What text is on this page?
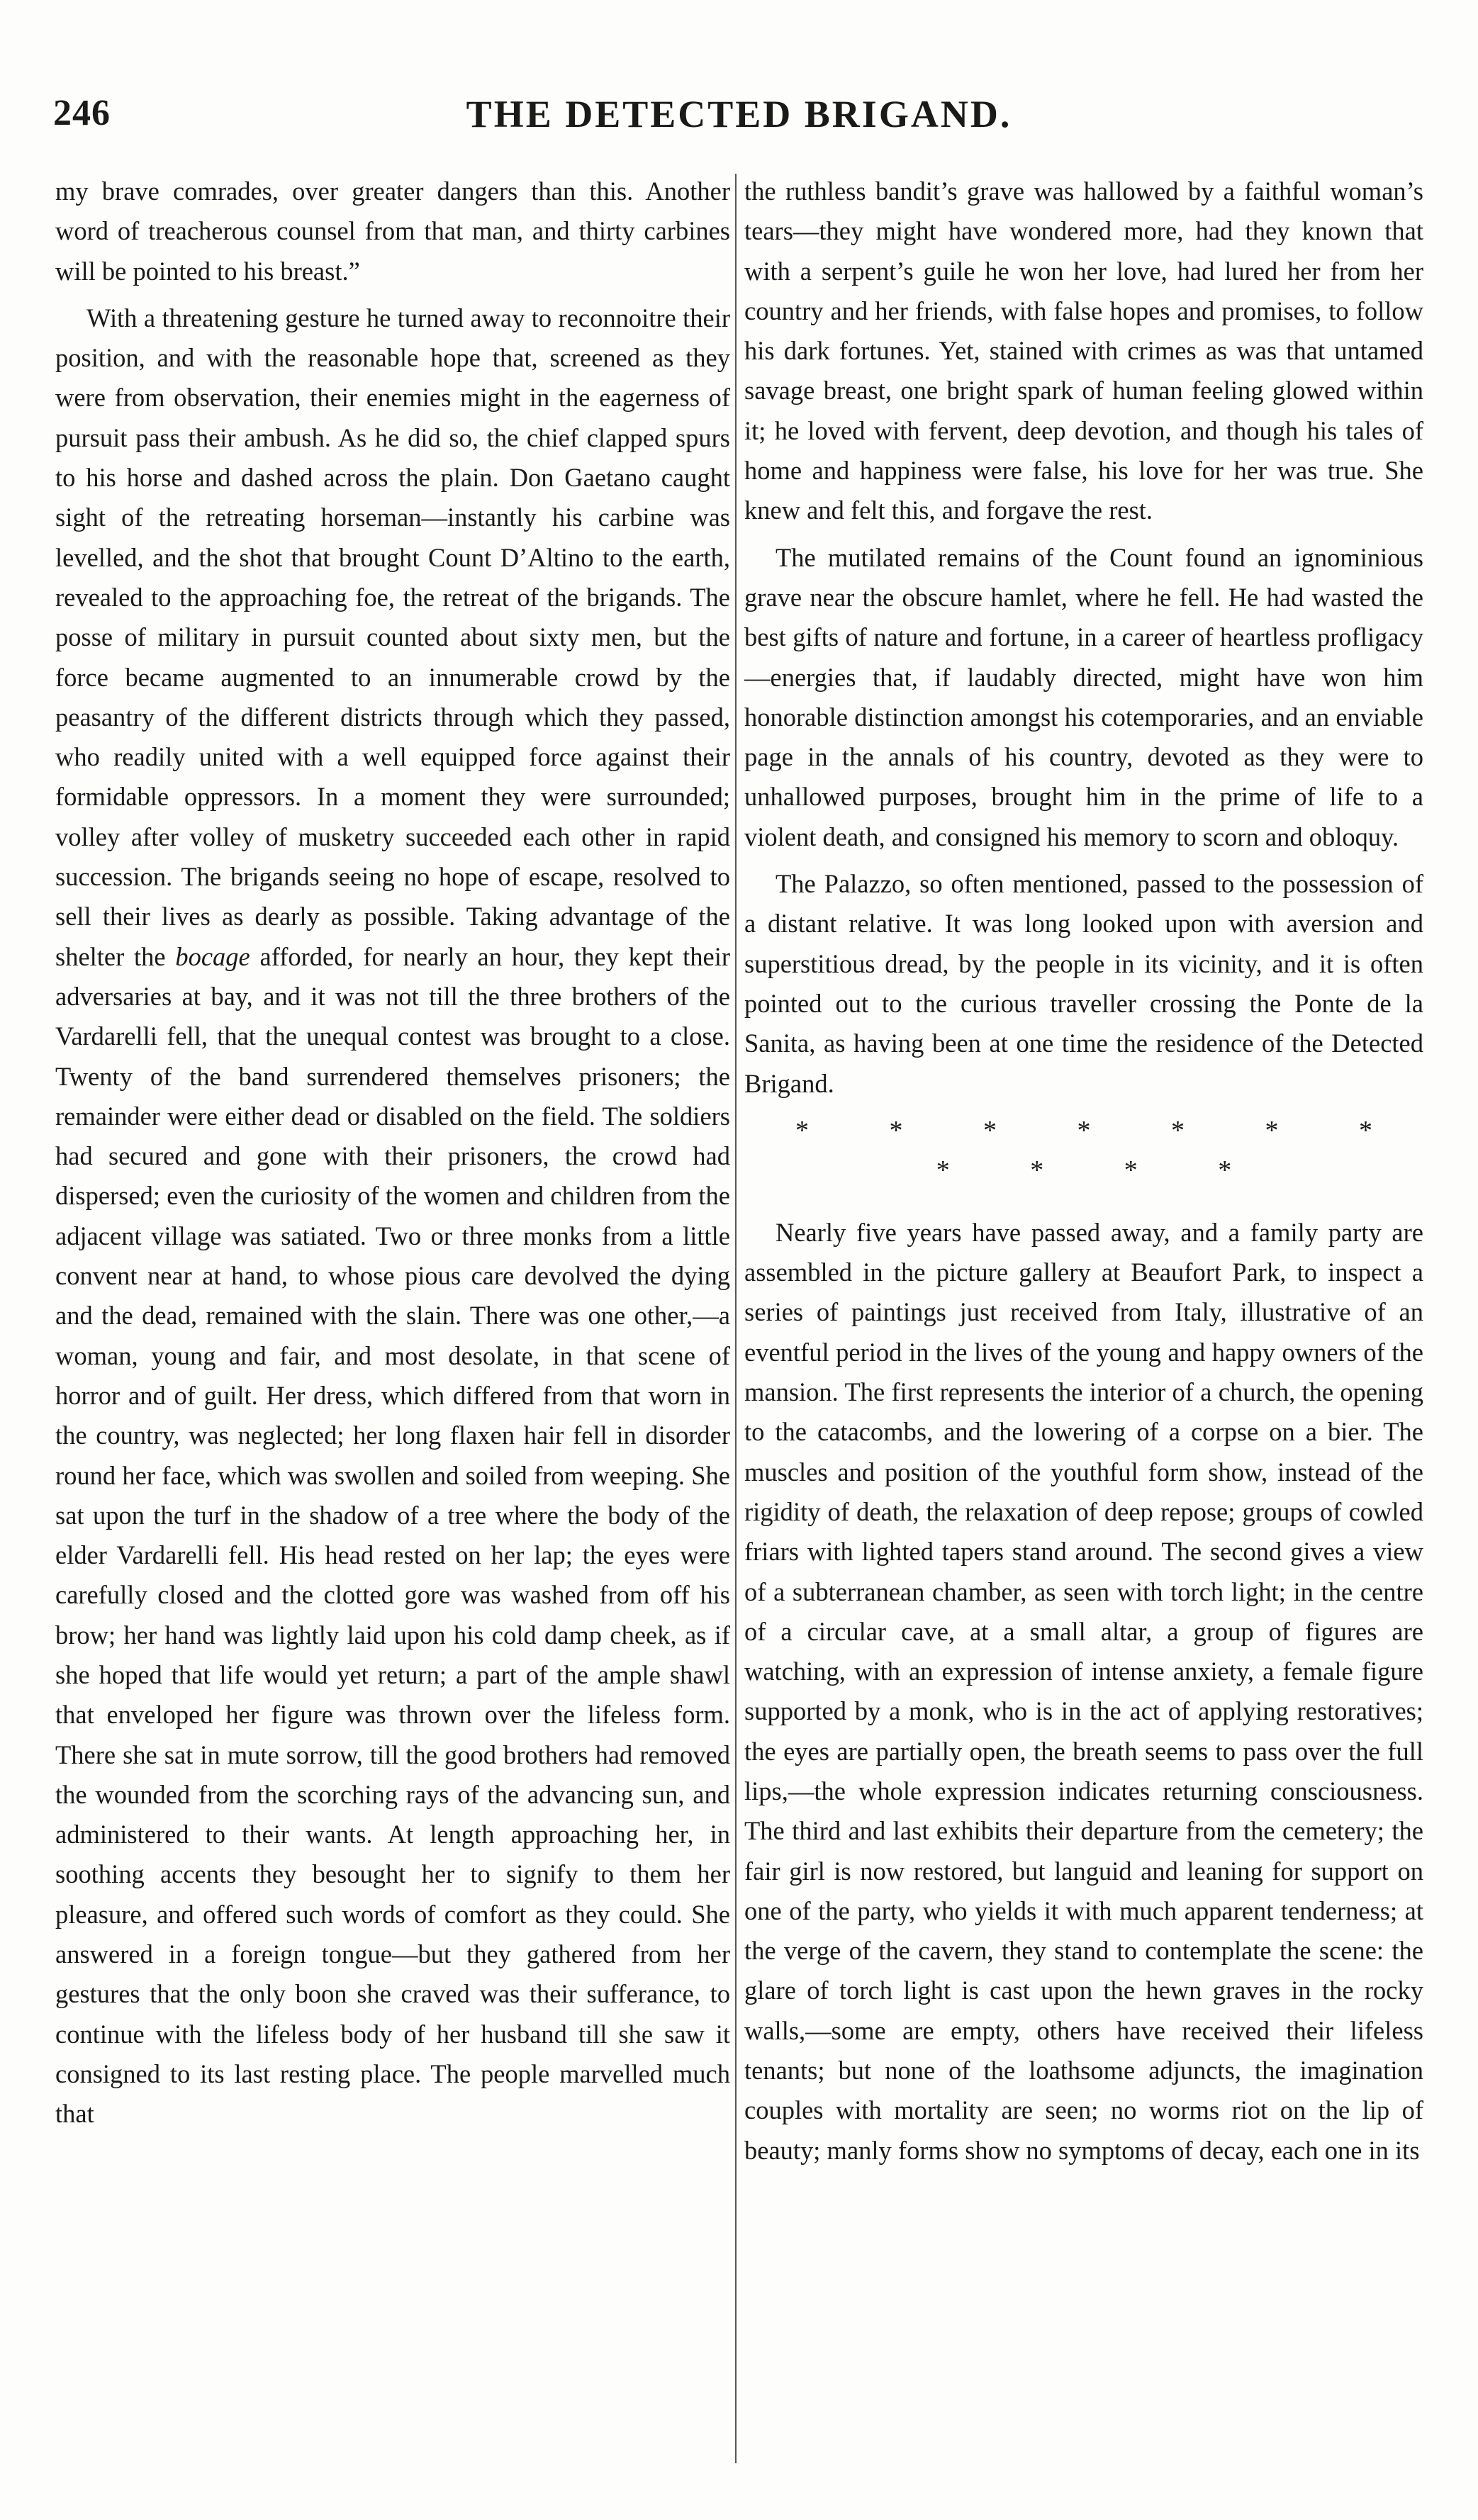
246	THE DETECTED BRIGAND.

my brave comrades, over greater dangers than this. Another word of treacherous counsel from that man, and thirty carbines will be pointed to his breast.”

With a threatening gesture he turned away to reconnoitre their position, and with the reasonable hope that, screened as they were from observation, their enemies might in the eagerness of pursuit pass their ambush. As he did so, the chief clapped spurs to his horse and dashed across the plain. Don Gaetano caught sight of the retreating horseman—instantly his carbine was levelled, and the shot that brought Count D’Altino to the earth, revealed to the approaching foe, the retreat of the brigands. The posse of military in pursuit counted about sixty men, but the force became augmented to an innumerable crowd by the peasantry of the different districts through which they passed, who readily united with a well equipped force against their formidable oppressors. In a moment they were surrounded; volley after volley of musketry succeeded each other in rapid succession. The brigands seeing no hope of escape, resolved to sell their lives as dearly as possible. Taking advantage of the shelter the bocage afforded, for nearly an hour, they kept their adversaries at bay, and it was not till the three brothers of the Vardarelli fell, that the unequal contest was brought to a close. Twenty of the band surrendered themselves prisoners; the remainder were either dead or disabled on the field. The soldiers had secured and gone with their prisoners, the crowd had dispersed; even the curiosity of the women and children from the adjacent village was satiated. Two or three monks from a little convent near at hand, to whose pious care devolved the dying and the dead, remained with the slain. There was one other,—a woman, young and fair, and most desolate, in that scene of horror and of guilt. Her dress, which differed from that worn in the country, was neglected; her long flaxen hair fell in disorder round her face, which was swollen and soiled from weeping. She sat upon the turf in the shadow of a tree where the body of the elder Vardarelli fell. His head rested on her lap; the eyes were carefully closed and the clotted gore was washed from off his brow; her hand was lightly laid upon his cold damp cheek, as if she hoped that life would yet return; a part of the ample shawl that enveloped her figure was thrown over the lifeless form. There she sat in mute sorrow, till the good brothers had removed the wounded from the scorching rays of the advancing sun, and administered to their wants. At length approaching her, in soothing accents they besought her to signify to them her pleasure, and offered such words of comfort as they could. She answered in a foreign tongue—but they gathered from her gestures that the only boon she craved was their sufferance, to continue with the lifeless body of her husband till she saw it consigned to its last resting place. The people marvelled much that

the ruthless bandit’s grave was hallowed by a faithful woman’s tears—they might have wondered more, had they known that with a serpent’s guile he won her love, had lured her from her country and her friends, with false hopes and promises, to follow his dark fortunes. Yet, stained with crimes as was that untamed savage breast, one bright spark of human feeling glowed within it; he loved with fervent, deep devotion, and though his tales of home and happiness were false, his love for her was true. She knew and felt this, and forgave the rest.

The mutilated remains of the Count found an ignominious grave near the obscure hamlet, where he fell. He had wasted the best gifts of nature and fortune, in a career of heartless profligacy—energies that, if laudably directed, might have won him honorable distinction amongst his cotemporaries, and an enviable page in the annals of his country, devoted as they were to unhallowed purposes, brought him in the prime of life to a violent death, and consigned his memory to scorn and obloquy.

The Palazzo, so often mentioned, passed to the possession of a distant relative. It was long looked upon with aversion and superstitious dread, by the people in its vicinity, and it is often pointed out to the curious traveller crossing the Ponte de la Sanita, as having been at one time the residence of the Detected Brigand.

* * * * * * * * * * *

Nearly five years have passed away, and a family party are assembled in the picture gallery at Beaufort Park, to inspect a series of paintings just received from Italy, illustrative of an eventful period in the lives of the young and happy owners of the mansion. The first represents the interior of a church, the opening to the catacombs, and the lowering of a corpse on a bier. The muscles and position of the youthful form show, instead of the rigidity of death, the relaxation of deep repose; groups of cowled friars with lighted tapers stand around. The second gives a view of a subterranean chamber, as seen with torch light; in the centre of a circular cave, at a small altar, a group of figures are watching, with an expression of intense anxiety, a female figure supported by a monk, who is in the act of applying restoratives; the eyes are partially open, the breath seems to pass over the full lips,—the whole expression indicates returning consciousness. The third and last exhibits their departure from the cemetery; the fair girl is now restored, but languid and leaning for support on one of the party, who yields it with much apparent tenderness; at the verge of the cavern, they stand to contemplate the scene: the glare of torch light is cast upon the hewn graves in the rocky walls,—some are empty, others have received their lifeless tenants; but none of the loathsome adjuncts, the imagination couples with mortality are seen; no worms riot on the lip of beauty; manly forms show no symptoms of decay, each one in its
